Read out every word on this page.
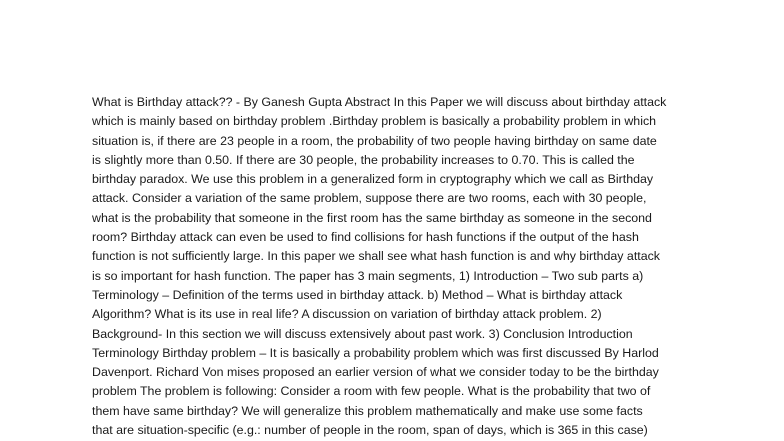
What is Birthday attack?? - By Ganesh Gupta Abstract In this Paper we will discuss about birthday attack
which is mainly based on birthday problem .Birthday problem is basically a probability problem in which
situation is, if there are 23 people in a room, the probability of two people having birthday on same date
is slightly more than 0.50. If there are 30 people, the probability increases to 0.70. This is called the
birthday paradox. We use this problem in a generalized form in cryptography which we call as Birthday
attack. Consider a variation of the same problem, suppose there are two rooms, each with 30 people,
what is the probability that someone in the first room has the same birthday as someone in the second
room? Birthday attack can even be used to find collisions for hash functions if the output of the hash
function is not sufficiently large. In this paper we shall see what hash function is and why birthday attack
is so important for hash function. The paper has 3 main segments, 1) Introduction – Two sub parts a)
Terminology – Definition of the terms used in birthday attack. b) Method – What is birthday attack
Algorithm? What is its use in real life? A discussion on variation of birthday attack problem. 2)
Background- In this section we will discuss extensively about past work. 3) Conclusion Introduction
Terminology Birthday problem – It is basically a probability problem which was first discussed By Harlod
Davenport. Richard Von mises proposed an earlier version of what we consider today to be the birthday
problem The problem is following: Consider a room with few people. What is the probability that two of
them have same birthday? We will generalize this problem mathematically and make use some facts
that are situation-specific (e.g.: number of people in the room, span of days, which is 365 in this case)
